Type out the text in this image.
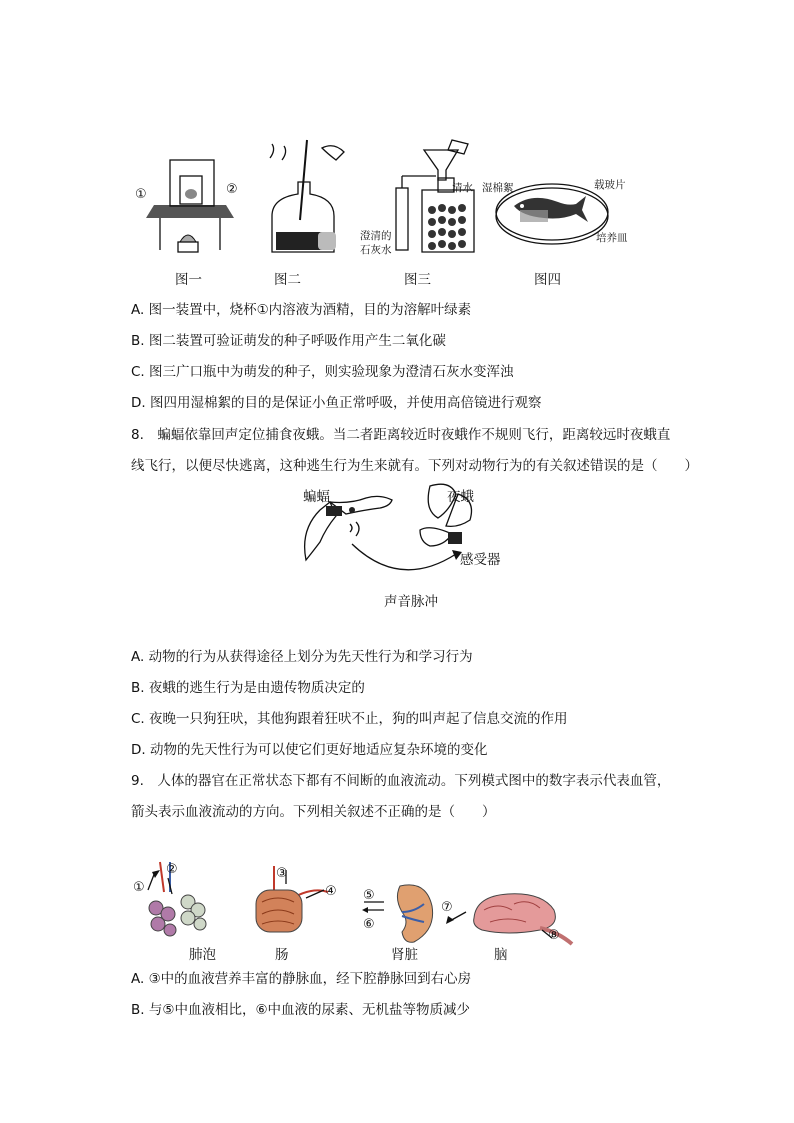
①	②	清水
澄清的
石灰水
湿棉絮	载玻片
培养皿
图一	图二	图三	图四
A. 图一装置中，烧杯①内溶液为酒精，目的为溶解叶绿素
B. 图二装置可验证萌发的种子呼吸作用产生二氧化碳
C. 图三广口瓶中为萌发的种子，则实验现象为澄清石灰水变浑浊
D. 图四用湿棉絮的目的是保证小鱼正常呼吸，并使用高倍镜进行观察
8.　蝙蝠依靠回声定位捕食夜蛾。当二者距离较近时夜蛾作不规则飞行，距离较远时夜蛾直
线飞行，以便尽快逃离，这种逃生行为生来就有。下列对动物行为的有关叙述错误的是（　　）
蝙蝠	夜蛾
感受器
声音脉冲
A. 动物的行为从获得途径上划分为先天性行为和学习行为
B. 夜蛾的逃生行为是由遗传物质决定的
C. 夜晚一只狗狂吠，其他狗跟着狂吠不止，狗的叫声起了信息交流的作用
D. 动物的先天性行为可以使它们更好地适应复杂环境的变化
9.　人体的器官在正常状态下都有不间断的血液流动。下列模式图中的数字表示代表血管，
箭头表示血液流动的方向。下列相关叙述不正确的是（　　）
①
②	③
④ ⑤
⑥
⑦
⑧
肺泡	肠	肾脏	脑
A. ③中的血液营养丰富的静脉血，经下腔静脉回到右心房
B. 与⑤中血液相比，⑥中血液的尿素、无机盐等物质减少
